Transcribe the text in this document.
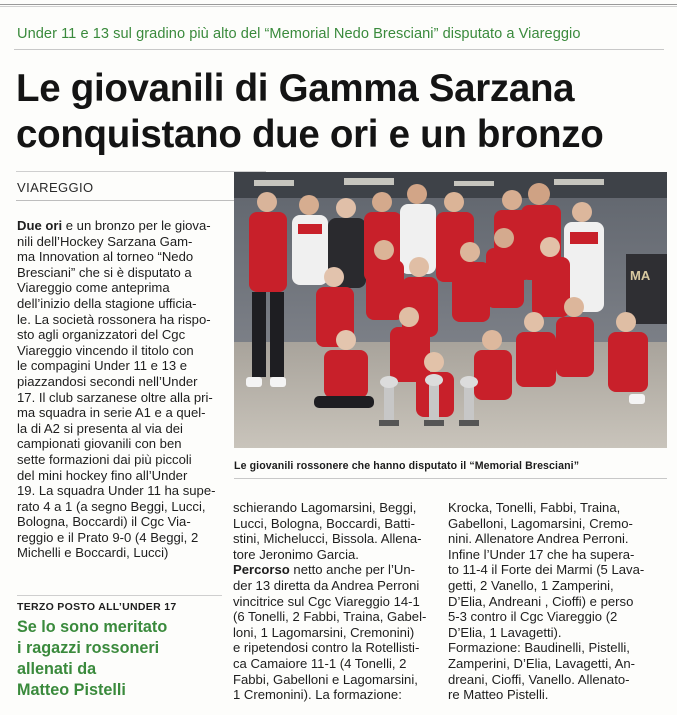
Under 11 e 13 sul gradino più alto del “Memorial Nedo Bresciani” disputato a Viareggio
Le giovanili di Gamma Sarzana
conquistano due ori e un bronzo
VIAREGGIO
Due ori e un bronzo per le giova-
nili dell’Hockey Sarzana Gam-
ma Innovation al torneo “Nedo
Bresciani” che si è disputato a
Viareggio come anteprima
dell’inizio della stagione ufficia-
le. La società rossonera ha rispo-
sto agli organizzatori del Cgc
Viareggio vincendo il titolo con
le compagini Under 11 e 13 e
piazzandosi secondi nell’Under
17. Il club sarzanese oltre alla pri-
ma squadra in serie A1 e a quel-
la di A2 si presenta al via dei
campionati giovanili con ben
sette formazioni dai più piccoli
del mini hockey fino all’Under
19. La squadra Under 11 ha supe-
rato 4 a 1 (a segno Beggi, Lucci,
Bologna, Boccardi) il Cgc Via-
reggio e il Prato 9-0 (4 Beggi, 2
Michelli e Boccardi, Lucci)
MA
Le giovanili rossonere che hanno disputato il “Memorial Bresciani”
TERZO POSTO ALL’UNDER 17
Se lo sono meritato
i ragazzi rossoneri
allenati da
Matteo Pistelli
schierando Lagomarsini, Beggi,
Lucci, Bologna, Boccardi, Batti-
stini, Michelucci, Bissola. Allena-
tore Jeronimo Garcia.
Percorso netto anche per l’Un-
der 13 diretta da Andrea Perroni
vincitrice sul Cgc Viareggio 14-1
(6 Tonelli, 2 Fabbi, Traina, Gabel-
loni, 1 Lagomarsini, Cremonini)
e ripetendosi contro la Rotellisti-
ca Camaiore 11-1 (4 Tonelli, 2
Fabbi, Gabelloni e Lagomarsini,
1 Cremonini). La formazione:
Krocka, Tonelli, Fabbi, Traina,
Gabelloni, Lagomarsini, Cremo-
nini. Allenatore Andrea Perroni.
Infine l’Under 17 che ha supera-
to 11-4 il Forte dei Marmi (5 Lava-
getti, 2 Vanello, 1 Zamperini,
D’Elia, Andreani , Cioffi) e perso
5-3 contro il Cgc Viareggio (2
D’Elia, 1 Lavagetti).
Formazione: Baudinelli, Pistelli,
Zamperini, D’Elia, Lavagetti, An-
dreani, Cioffi, Vanello. Allenato-
re Matteo Pistelli.
